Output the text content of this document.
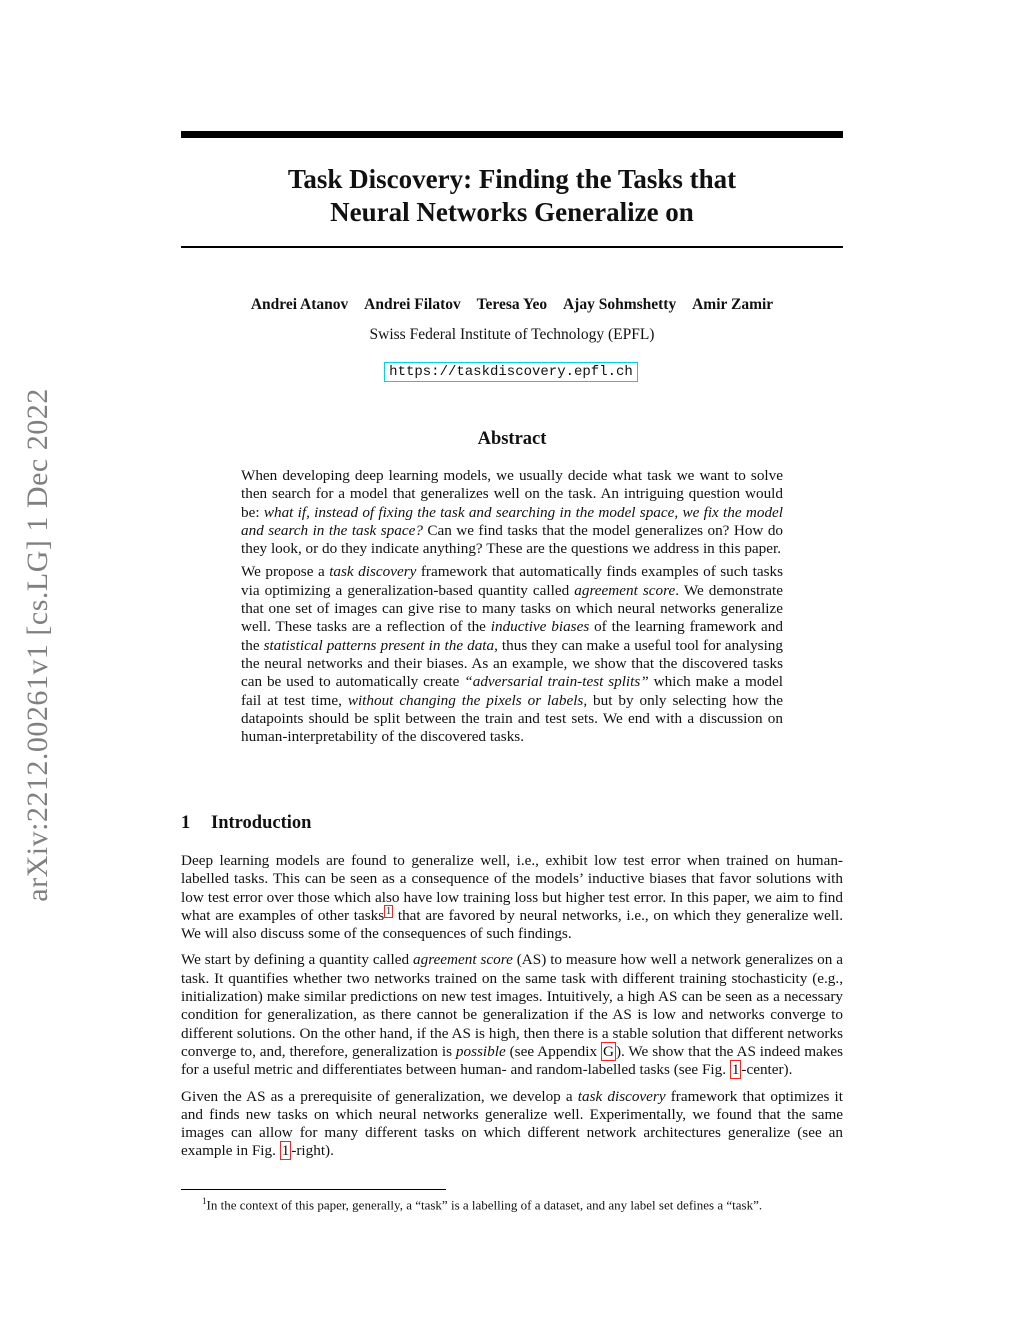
arXiv:2212.00261v1 [cs.LG] 1 Dec 2022
Task Discovery: Finding the Tasks that
Neural Networks Generalize on
Andrei Atanov Andrei Filatov Teresa Yeo Ajay Sohmshetty Amir Zamir
Swiss Federal Institute of Technology (EPFL)
https://taskdiscovery.epfl.ch
Abstract

When developing deep learning models, we usually decide what task we want to solve then search for a model that generalizes well on the task. An intriguing question would be: what if, instead of fixing the task and searching in the model space, we fix the model and search in the task space? Can we find tasks that the model generalizes on? How do they look, or do they indicate anything? These are the questions we address in this paper.

We propose a task discovery framework that automatically finds examples of such tasks via optimizing a generalization-based quantity called agreement score. We demonstrate that one set of images can give rise to many tasks on which neural networks generalize well. These tasks are a reflection of the inductive biases of the learning framework and the statistical patterns present in the data, thus they can make a useful tool for analysing the neural networks and their biases. As an example, we show that the discovered tasks can be used to automatically create “adversarial train-test splits” which make a model fail at test time, without changing the pixels or labels, but by only selecting how the datapoints should be split between the train and test sets. We end with a discussion on human-interpretability of the discovered tasks.

1 Introduction

Deep learning models are found to generalize well, i.e., exhibit low test error when trained on human-labelled tasks. This can be seen as a consequence of the models’ inductive biases that favor solutions with low test error over those which also have low training loss but higher test error. In this paper, we aim to find what are examples of other tasks $^1$ that are favored by neural networks, i.e., on which they generalize well. We will also discuss some of the consequences of such findings.

We start by defining a quantity called agreement score (AS) to measure how well a network generalizes on a task. It quantifies whether two networks trained on the same task with different training stochasticity (e.g., initialization) make similar predictions on new test images. Intuitively, a high AS can be seen as a necessary condition for generalization, as there cannot be generalization if the AS is low and networks converge to different solutions. On the other hand, if the AS is high, then there is a stable solution that different networks converge to, and, therefore, generalization is possible (see Appendix G ). We show that the AS indeed makes for a useful metric and differentiates between human- and random-labelled tasks (see Fig. 1 -center).

Given the AS as a prerequisite of generalization, we develop a task discovery framework that optimizes it and finds new tasks on which neural networks generalize well. Experimentally, we found that the same images can allow for many different tasks on which different network architectures generalize (see an example in Fig. 1 -right).

$^1$In the context of this paper, generally, a “task” is a labelling of a dataset, and any label set defines a “task”.
